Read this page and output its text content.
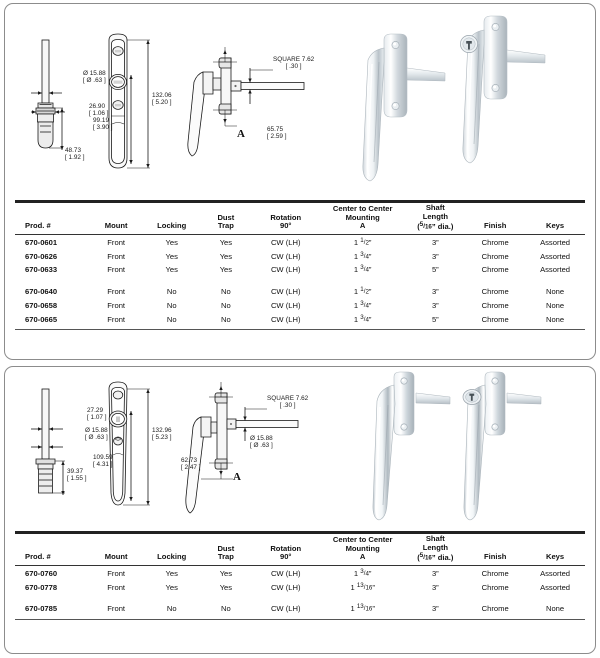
Ø 15.88
[ Ø .63 ]
26.90
[ 1.06 ]
48.73
[ 1.92 ]
132.06
[ 5.20 ]
99.19
[ 3.90 ]
SQUARE 7.62
[ .30 ]
65.75
[ 2.59 ]
A
Prod. #	Mount	Locking	Dust
Trap	Rotation
90°	Center to Center
Mounting
A	Shaft
Length
(5/16” dia.)	Finish	Keys
670-0601	Front	Yes	Yes	CW (LH)	1 1/2”	3”	Chrome	Assorted
670-0626	Front	Yes	Yes	CW (LH)	1 3/4”	3”	Chrome	Assorted
670-0633	Front	Yes	Yes	CW (LH)	1 3/4”	5”	Chrome	Assorted

670-0640	Front	No	No	CW (LH)	1 1/2”	3”	Chrome	None
670-0658	Front	No	No	CW (LH)	1 3/4”	3”	Chrome	None
670-0665	Front	No	No	CW (LH)	1 3/4”	5”	Chrome	None
27.29
[ 1.07 ]
Ø 15.88
[ Ø .63 ]
39.37
[ 1.55 ]
132.96
[ 5.23 ]
109.59
[ 4.31 ]
SQUARE 7.62
[ .30 ]
Ø 15.88
[ Ø .63 ]
62.73
[ 2.47 ]
A
Prod. #	Mount	Locking	Dust
Trap	Rotation
90°	Center to Center
Mounting
A	Shaft
Length
(5/16” dia.)	Finish	Keys
670-0760	Front	Yes	Yes	CW (LH)	1 3/4”	3”	Chrome	Assorted
670-0778	Front	Yes	Yes	CW (LH)	1 13/16”	3”	Chrome	Assorted

670-0785	Front	No	No	CW (LH)	1 13/16”	3”	Chrome	None
